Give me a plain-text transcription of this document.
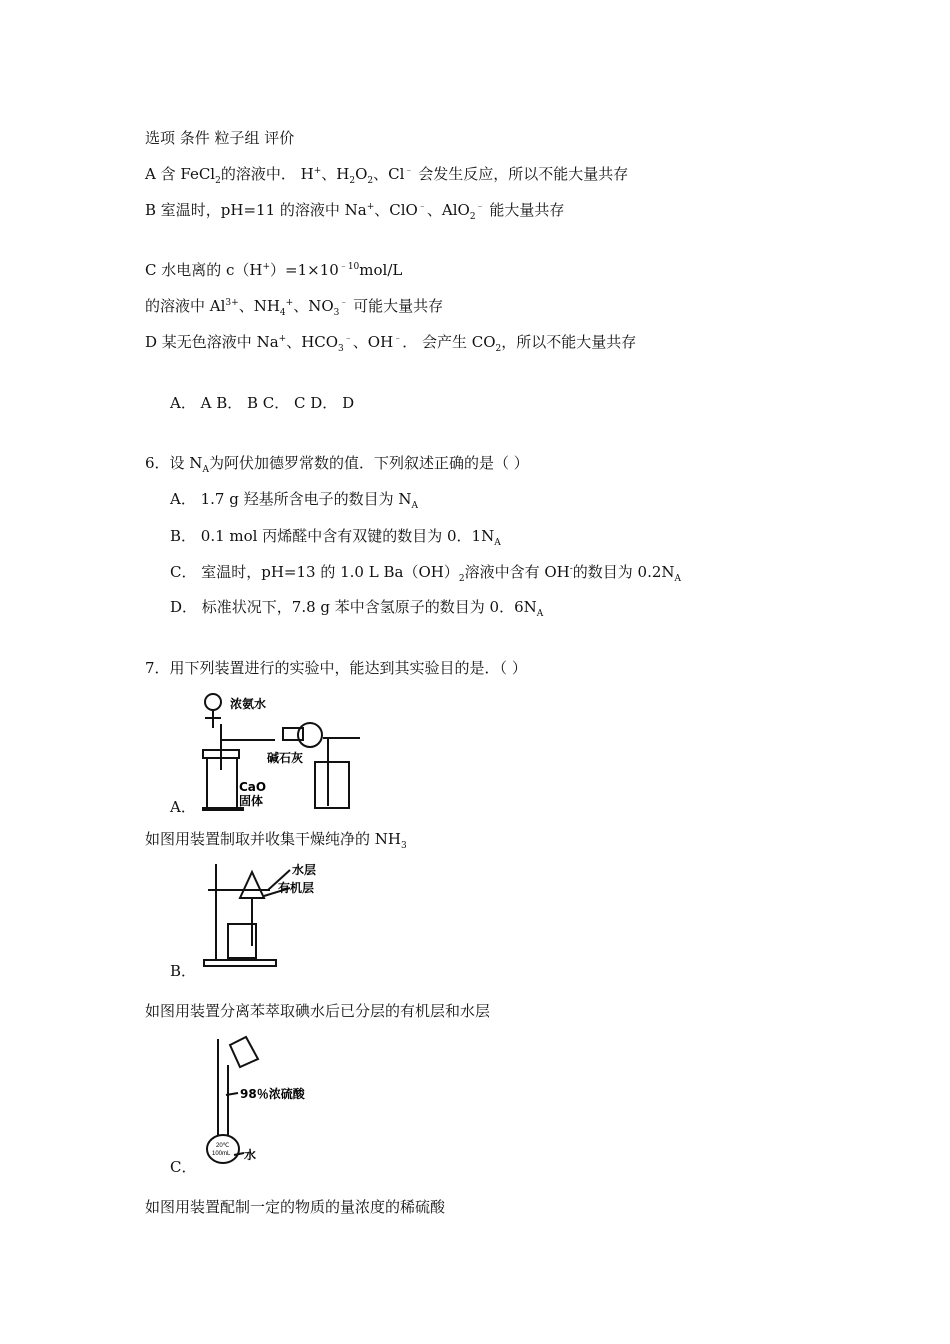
选项 条件 粒子组 评价
A 含 FeCl$_2$的溶液中． H+、$H_2O_2$、Cl﹣ 会发生反应，所以不能大量共存
B 室温时，pH=11 的溶液中 Na+、ClO﹣、AlO$_2$﹣ 能大量共存
C 水电离的 $c(H^+)=1\times 10^{﹣10}mol/L$
的溶液中 $Al^{3+}$、$NH_4^+$、$NO_3^﹣$ 可能大量共存
D 某无色溶液中 Na+、$HCO_3^﹣$、OH﹣． 会产生 $CO_2$，所以不能大量共存
A． A B． B C． C D． D
6．设 $N_A$为阿伏加德罗常数的值．下列叙述正确的是（ ）
A． 1.7 g 羟基所含电子的数目为 $N_A$
B． 0.1 mol 丙烯醛中含有双键的数目为 0．$1N_A$
C． 室温时，pH=13 的 1.0 L $Ba(OH)_2$溶液中含有 OH-的数目为 $0.2N_A$
D． 标准状况下，7.8 g 苯中含氢原子的数目为 0．$6N_A$
7．用下列装置进行的实验中，能达到其实验目的是．（ ）
浓氨水
碱石灰
CaO
固体
A．
如图用装置制取并收集干燥纯净的 $NH_3$
水层
有机层
B．
如图用装置分离苯萃取碘水后已分层的有机层和水层
20℃
100mL
98％浓硫酸
水
C．
如图用装置配制一定的物质的量浓度的稀硫酸
